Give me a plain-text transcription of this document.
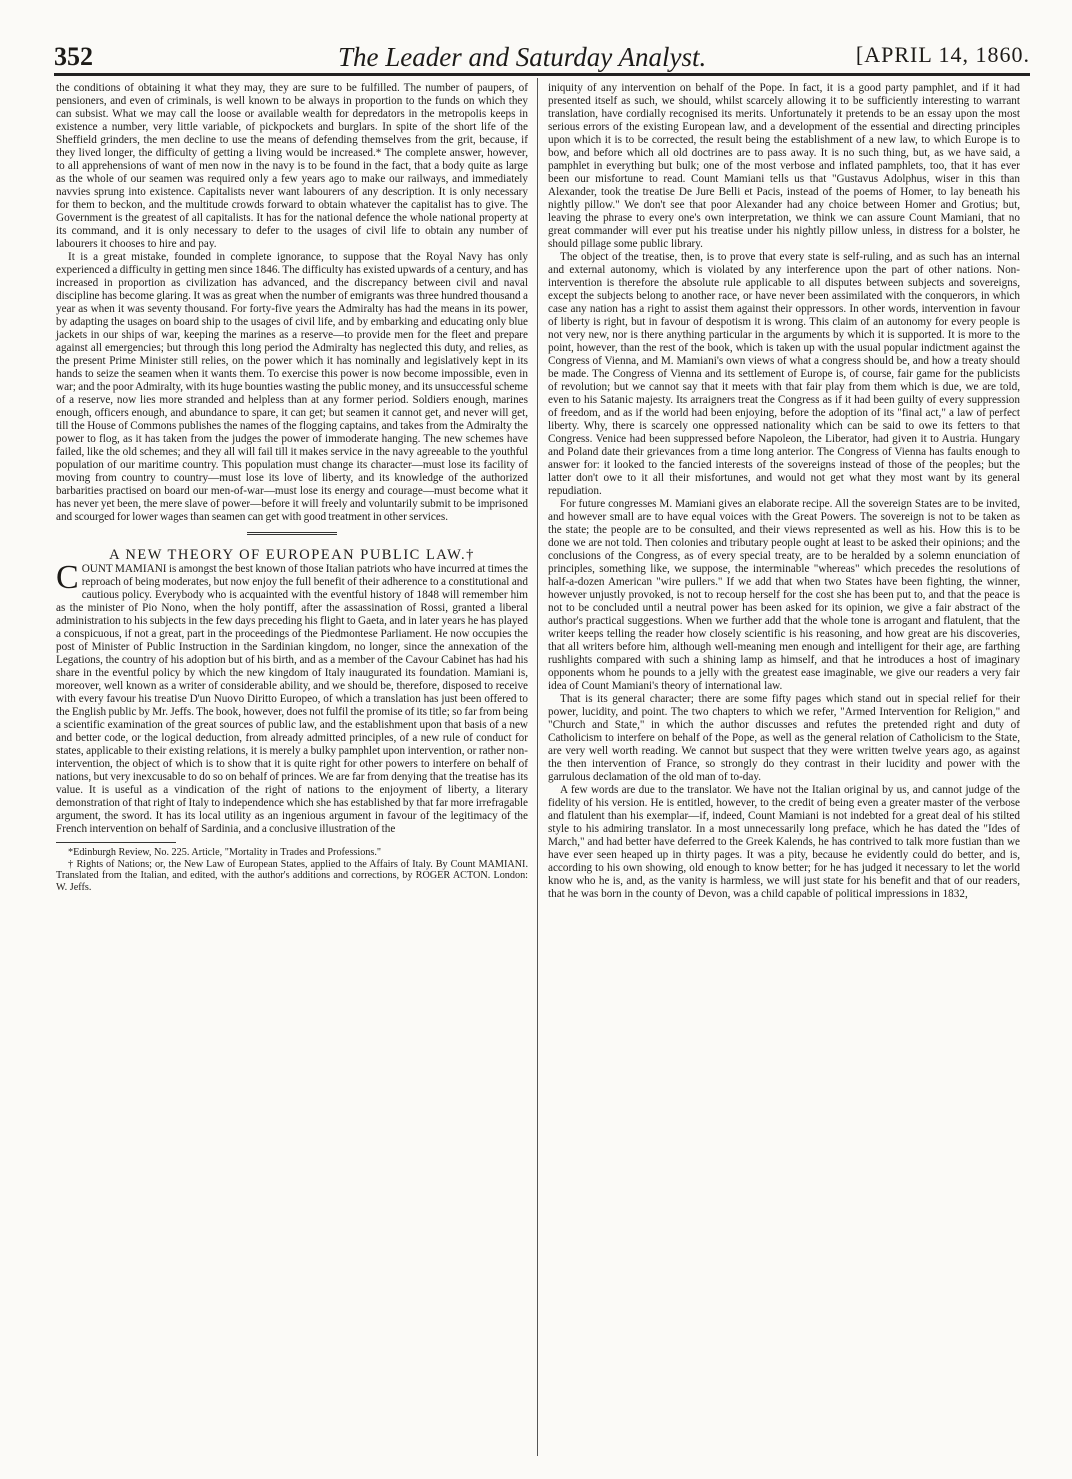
352	The Leader and Saturday Analyst.	[APRIL 14, 1860.

the conditions of obtaining it what they may, they are sure to be fulfilled. The number of paupers, of pensioners, and even of criminals, is well known to be always in proportion to the funds on which they can subsist. What we may call the loose or available wealth for depredators in the metropolis keeps in existence a number, very little variable, of pickpockets and burglars. In spite of the short life of the Sheffield grinders, the men decline to use the means of defending themselves from the grit, because, if they lived longer, the difficulty of getting a living would be increased.* The complete answer, however, to all apprehensions of want of men now in the navy is to be found in the fact, that a body quite as large as the whole of our seamen was required only a few years ago to make our railways, and immediately navvies sprung into existence. Capitalists never want labourers of any description. It is only necessary for them to beckon, and the multitude crowds forward to obtain whatever the capitalist has to give. The Government is the greatest of all capitalists. It has for the national defence the whole national property at its command, and it is only necessary to defer to the usages of civil life to obtain any number of labourers it chooses to hire and pay.

It is a great mistake, founded in complete ignorance, to suppose that the Royal Navy has only experienced a difficulty in getting men since 1846. The difficulty has existed upwards of a century, and has increased in proportion as civilization has advanced, and the discrepancy between civil and naval discipline has become glaring. It was as great when the number of emigrants was three hundred thousand a year as when it was seventy thousand. For forty-five years the Admiralty has had the means in its power, by adapting the usages on board ship to the usages of civil life, and by embarking and educating only blue jackets in our ships of war, keeping the marines as a reserve—to provide men for the fleet and prepare against all emergencies; but through this long period the Admiralty has neglected this duty, and relies, as the present Prime Minister still relies, on the power which it has nominally and legislatively kept in its hands to seize the seamen when it wants them. To exercise this power is now become impossible, even in war; and the poor Admiralty, with its huge bounties wasting the public money, and its unsuccessful scheme of a reserve, now lies more stranded and helpless than at any former period. Soldiers enough, marines enough, officers enough, and abundance to spare, it can get; but seamen it cannot get, and never will get, till the House of Commons publishes the names of the flogging captains, and takes from the Admiralty the power to flog, as it has taken from the judges the power of immoderate hanging. The new schemes have failed, like the old schemes; and they all will fail till it makes service in the navy agreeable to the youthful population of our maritime country. This population must change its character—must lose its facility of moving from country to country—must lose its love of liberty, and its knowledge of the authorized barbarities practised on board our men-of-war—must lose its energy and courage—must become what it has never yet been, the mere slave of power—before it will freely and voluntarily submit to be imprisoned and scourged for lower wages than seamen can get with good treatment in other services.

A NEW THEORY OF EUROPEAN PUBLIC LAW.†

COUNT MAMIANI is amongst the best known of those Italian patriots who have incurred at times the reproach of being moderates, but now enjoy the full benefit of their adherence to a constitutional and cautious policy. Everybody who is acquainted with the eventful history of 1848 will remember him as the minister of Pio Nono, when the holy pontiff, after the assassination of Rossi, granted a liberal administration to his subjects in the few days preceding his flight to Gaeta, and in later years he has played a conspicuous, if not a great, part in the proceedings of the Piedmontese Parliament. He now occupies the post of Minister of Public Instruction in the Sardinian kingdom, no longer, since the annexation of the Legations, the country of his adoption but of his birth, and as a member of the Cavour Cabinet has had his share in the eventful policy by which the new kingdom of Italy inaugurated its foundation. Mamiani is, moreover, well known as a writer of considerable ability, and we should be, therefore, disposed to receive with every favour his treatise D'un Nuovo Diritto Europeo, of which a translation has just been offered to the English public by Mr. Jeffs. The book, however, does not fulfil the promise of its title; so far from being a scientific examination of the great sources of public law, and the establishment upon that basis of a new and better code, or the logical deduction, from already admitted principles, of a new rule of conduct for states, applicable to their existing relations, it is merely a bulky pamphlet upon intervention, or rather non-intervention, the object of which is to show that it is quite right for other powers to interfere on behalf of nations, but very inexcusable to do so on behalf of princes. We are far from denying that the treatise has its value. It is useful as a vindication of the right of nations to the enjoyment of liberty, a literary demonstration of that right of Italy to independence which she has established by that far more irrefragable argument, the sword. It has its local utility as an ingenious argument in favour of the legitimacy of the French intervention on behalf of Sardinia, and a conclusive illustration of the

*Edinburgh Review, No. 225. Article, "Mortality in Trades and Professions."

† Rights of Nations; or, the New Law of European States, applied to the Affairs of Italy. By Count MAMIANI. Translated from the Italian, and edited, with the author's additions and corrections, by ROGER ACTON. London: W. Jeffs.

iniquity of any intervention on behalf of the Pope. In fact, it is a good party pamphlet, and if it had presented itself as such, we should, whilst scarcely allowing it to be sufficiently interesting to warrant translation, have cordially recognised its merits. Unfortunately it pretends to be an essay upon the most serious errors of the existing European law, and a development of the essential and directing principles upon which it is to be corrected, the result being the establishment of a new law, to which Europe is to bow, and before which all old doctrines are to pass away. It is no such thing, but, as we have said, a pamphlet in everything but bulk; one of the most verbose and inflated pamphlets, too, that it has ever been our misfortune to read. Count Mamiani tells us that "Gustavus Adolphus, wiser in this than Alexander, took the treatise De Jure Belli et Pacis, instead of the poems of Homer, to lay beneath his nightly pillow." We don't see that poor Alexander had any choice between Homer and Grotius; but, leaving the phrase to every one's own interpretation, we think we can assure Count Mamiani, that no great commander will ever put his treatise under his nightly pillow unless, in distress for a bolster, he should pillage some public library.

The object of the treatise, then, is to prove that every state is self-ruling, and as such has an internal and external autonomy, which is violated by any interference upon the part of other nations. Non-intervention is therefore the absolute rule applicable to all disputes between subjects and sovereigns, except the subjects belong to another race, or have never been assimilated with the conquerors, in which case any nation has a right to assist them against their oppressors. In other words, intervention in favour of liberty is right, but in favour of despotism it is wrong. This claim of an autonomy for every people is not very new, nor is there anything particular in the arguments by which it is supported. It is more to the point, however, than the rest of the book, which is taken up with the usual popular indictment against the Congress of Vienna, and M. Mamiani's own views of what a congress should be, and how a treaty should be made. The Congress of Vienna and its settlement of Europe is, of course, fair game for the publicists of revolution; but we cannot say that it meets with that fair play from them which is due, we are told, even to his Satanic majesty. Its arraigners treat the Congress as if it had been guilty of every suppression of freedom, and as if the world had been enjoying, before the adoption of its "final act," a law of perfect liberty. Why, there is scarcely one oppressed nationality which can be said to owe its fetters to that Congress. Venice had been suppressed before Napoleon, the Liberator, had given it to Austria. Hungary and Poland date their grievances from a time long anterior. The Congress of Vienna has faults enough to answer for: it looked to the fancied interests of the sovereigns instead of those of the peoples; but the latter don't owe to it all their misfortunes, and would not get what they most want by its general repudiation.

For future congresses M. Mamiani gives an elaborate recipe. All the sovereign States are to be invited, and however small are to have equal voices with the Great Powers. The sovereign is not to be taken as the state; the people are to be consulted, and their views represented as well as his. How this is to be done we are not told. Then colonies and tributary people ought at least to be asked their opinions; and the conclusions of the Congress, as of every special treaty, are to be heralded by a solemn enunciation of principles, something like, we suppose, the interminable "whereas" which precedes the resolutions of half-a-dozen American "wire pullers." If we add that when two States have been fighting, the winner, however unjustly provoked, is not to recoup herself for the cost she has been put to, and that the peace is not to be concluded until a neutral power has been asked for its opinion, we give a fair abstract of the author's practical suggestions. When we further add that the whole tone is arrogant and flatulent, that the writer keeps telling the reader how closely scientific is his reasoning, and how great are his discoveries, that all writers before him, although well-meaning men enough and intelligent for their age, are farthing rushlights compared with such a shining lamp as himself, and that he introduces a host of imaginary opponents whom he pounds to a jelly with the greatest ease imaginable, we give our readers a very fair idea of Count Mamiani's theory of international law.

That is its general character; there are some fifty pages which stand out in special relief for their power, lucidity, and point. The two chapters to which we refer, "Armed Intervention for Religion," and "Church and State," in which the author discusses and refutes the pretended right and duty of Catholicism to interfere on behalf of the Pope, as well as the general relation of Catholicism to the State, are very well worth reading. We cannot but suspect that they were written twelve years ago, as against the then intervention of France, so strongly do they contrast in their lucidity and power with the garrulous declamation of the old man of to-day.

A few words are due to the translator. We have not the Italian original by us, and cannot judge of the fidelity of his version. He is entitled, however, to the credit of being even a greater master of the verbose and flatulent than his exemplar—if, indeed, Count Mamiani is not indebted for a great deal of his stilted style to his admiring translator. In a most unnecessarily long preface, which he has dated the "Ides of March," and had better have deferred to the Greek Kalends, he has contrived to talk more fustian than we have ever seen heaped up in thirty pages. It was a pity, because he evidently could do better, and is, according to his own showing, old enough to know better; for he has judged it necessary to let the world know who he is, and, as the vanity is harmless, we will just state for his benefit and that of our readers, that he was born in the county of Devon, was a child capable of political impressions in 1832,
